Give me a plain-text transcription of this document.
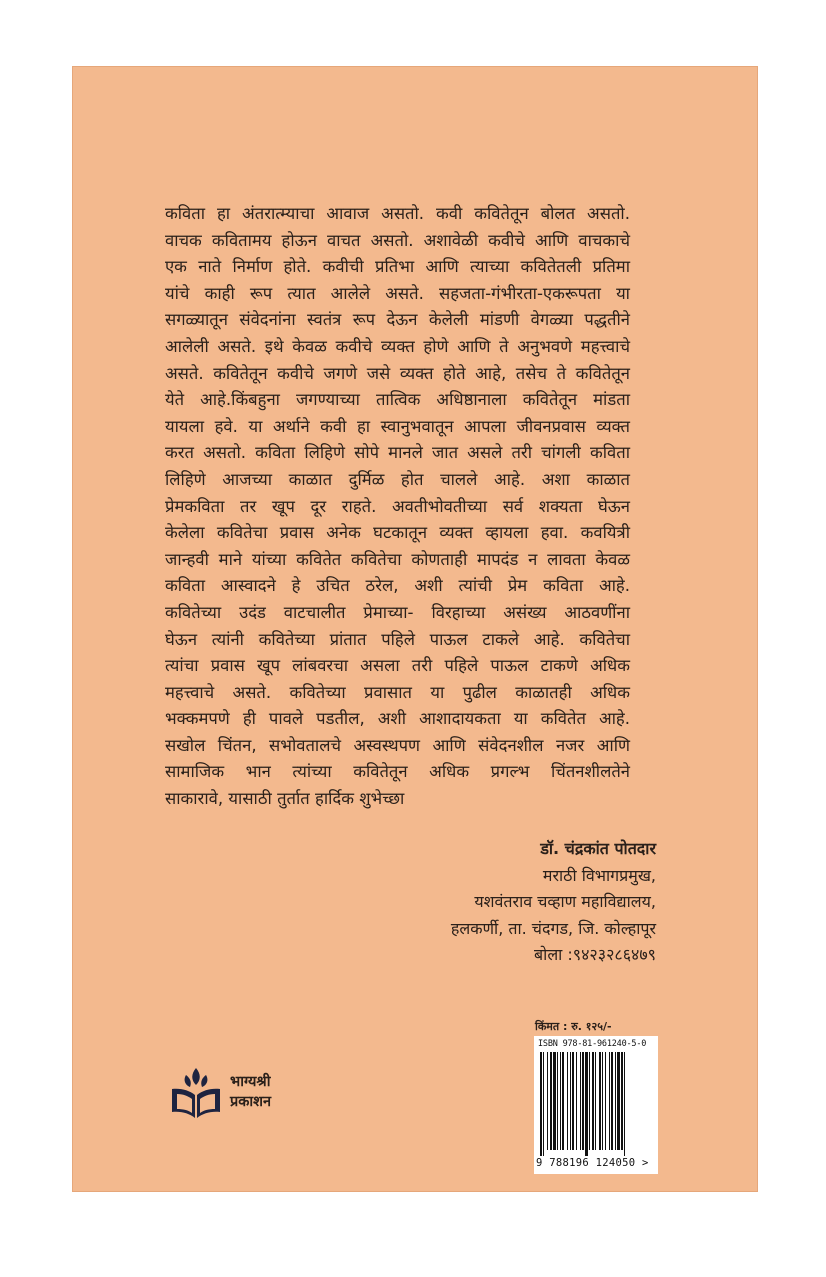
कविता हा अंतरात्म्याचा आवाज असतो. कवी कवितेतून बोलत असतो.
वाचक कवितामय होऊन वाचत असतो. अशावेळी कवीचे आणि वाचकाचे
एक नाते निर्माण होते. कवीची प्रतिभा आणि त्याच्या कवितेतली प्रतिमा
यांचे काही रूप त्यात आलेले असते. सहजता-गंभीरता-एकरूपता या
सगळ्यातून संवेदनांना स्वतंत्र रूप देऊन केलेली मांडणी वेगळ्या पद्धतीने
आलेली असते. इथे केवळ कवीचे व्यक्त होणे आणि ते अनुभवणे महत्त्वाचे
असते. कवितेतून कवीचे जगणे जसे व्यक्त होते आहे, तसेच ते कवितेतून
येते आहे.किंबहुना जगण्याच्या तात्विक अधिष्ठानाला कवितेतून मांडता
यायला हवे. या अर्थाने कवी हा स्वानुभवातून आपला जीवनप्रवास व्यक्त
करत असतो. कविता लिहिणे सोपे मानले जात असले तरी चांगली कविता
लिहिणे आजच्या काळात दुर्मिळ होत चालले आहे. अशा काळात
प्रेमकविता तर खूप दूर राहते. अवतीभोवतीच्या सर्व शक्यता घेऊन
केलेला कवितेचा प्रवास अनेक घटकातून व्यक्त व्हायला हवा. कवयित्री
जान्हवी माने यांच्या कवितेत कवितेचा कोणताही मापदंड न लावता केवळ
कविता आस्वादने हे उचित ठरेल, अशी त्यांची प्रेम कविता आहे.
कवितेच्या उदंड वाटचालीत प्रेमाच्या- विरहाच्या असंख्य आठवणींना
घेऊन त्यांनी कवितेच्या प्रांतात पहिले पाऊल टाकले आहे. कवितेचा
त्यांचा प्रवास खूप लांबवरचा असला तरी पहिले पाऊल टाकणे अधिक
महत्त्वाचे असते. कवितेच्या प्रवासात या पुढील काळातही अधिक
भक्कमपणे ही पावले पडतील, अशी आशादायकता या कवितेत आहे.
सखोल चिंतन, सभोवतालचे अस्वस्थपण आणि संवेदनशील नजर आणि
सामाजिक भान त्यांच्या कवितेतून अधिक प्रगल्भ चिंतनशीलतेने
साकारावे, यासाठी तुर्तात हार्दिक शुभेच्छा

डॉ. चंद्रकांत पोतदार
मराठी विभागप्रमुख,
यशवंतराव चव्हाण महाविद्यालय,
हलकर्णी, ता. चंदगड, जि. कोल्हापूर
बोला :९४२३२८६४७९
किंमत : रु. १२५/-
ISBN 978-81-961240-5-0
9 788196 124050 >
भाग्यश्री
प्रकाशन
